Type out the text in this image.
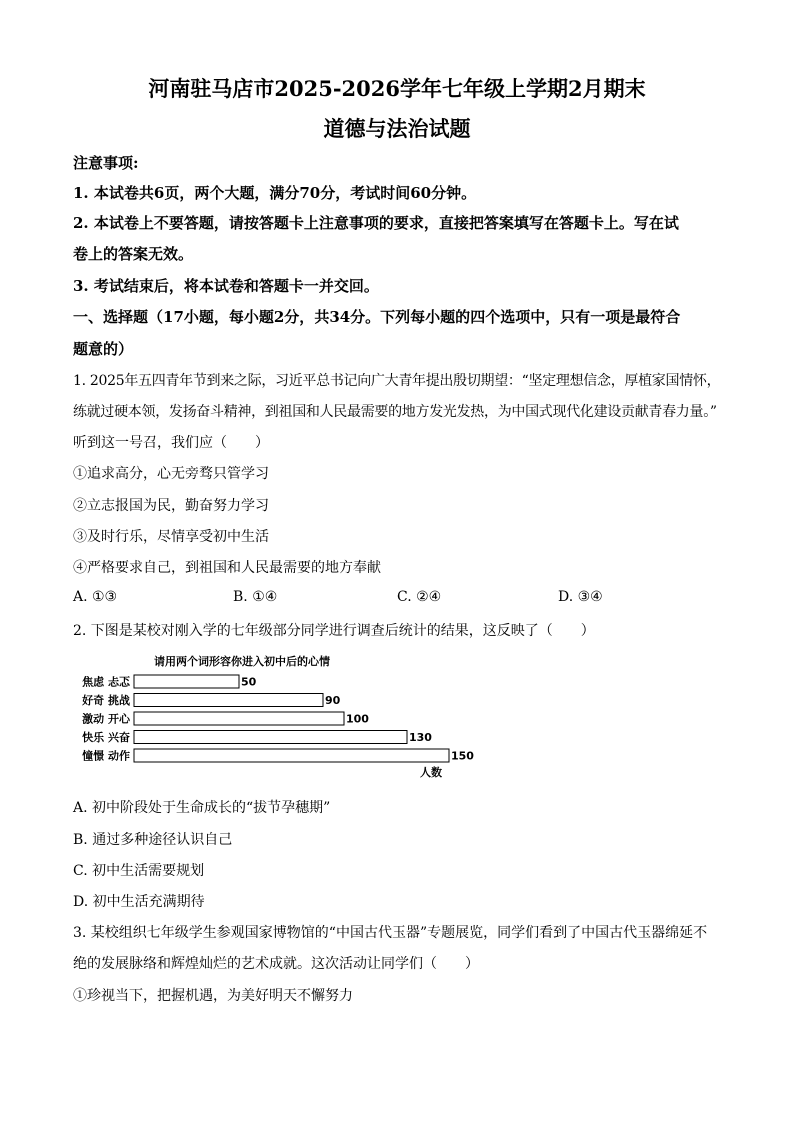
河南驻马店市2025-2026学年七年级上学期2月期末
道德与法治试题
注意事项:
1. 本试卷共6页，两个大题，满分70分，考试时间60分钟。
2. 本试卷上不要答题，请按答题卡上注意事项的要求，直接把答案填写在答题卡上。写在试
卷上的答案无效。
3. 考试结束后，将本试卷和答题卡一并交回。
一、选择题（17小题，每小题2分，共34分。下列每小题的四个选项中，只有一项是最符合
题意的）
1. 2025年五四青年节到来之际，习近平总书记向广大青年提出殷切期望：“坚定理想信念，厚植家国情怀，
练就过硬本领，发扬奋斗精神，到祖国和人民最需要的地方发光发热，为中国式现代化建设贡献青春力量。”
听到这一号召，我们应（　　）
①追求高分，心无旁骛只管学习
②立志报国为民，勤奋努力学习
③及时行乐，尽情享受初中生活
④严格要求自己，到祖国和人民最需要的地方奉献
A. ①③	B. ①④	C. ②④	D. ③④
2. 下图是某校对刚入学的七年级部分同学进行调查后统计的结果，这反映了（　　）
请用两个词形容你进入初中后的心情
焦虑 忐忑	50
好奇 挑战	90
激动 开心	100
快乐 兴奋	130
憧憬 动作	150
人数
A. 初中阶段处于生命成长的“拔节孕穗期”
B. 通过多种途径认识自己
C. 初中生活需要规划
D. 初中生活充满期待
3. 某校组织七年级学生参观国家博物馆的“中国古代玉器”专题展览，同学们看到了中国古代玉器绵延不
绝的发展脉络和辉煌灿烂的艺术成就。这次活动让同学们（　　）
①珍视当下，把握机遇，为美好明天不懈努力
